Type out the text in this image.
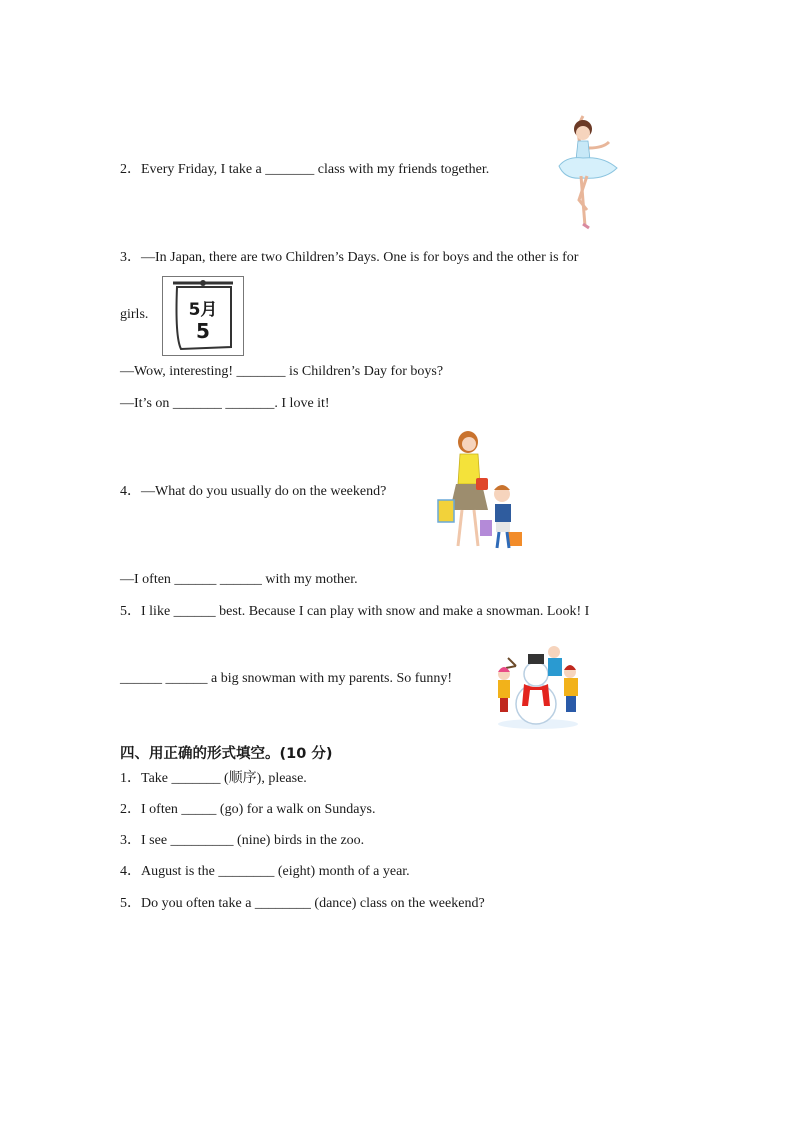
2．Every Friday, I take a _______ class with my friends together.
3．—In Japan, there are two Children’s Days. One is for boys and the other is for
girls.	5月
5
—Wow, interesting! _______ is Children’s Day for boys?
—It’s on _______ _______. I love it!
4．—What do you usually do on the weekend?
—I often ______ ______ with my mother.
5．I like ______ best. Because I can play with snow and make a snowman. Look! I
______ ______ a big snowman with my parents. So funny!
四、用正确的形式填空。(10 分)
1．Take _______ (顺序), please.
2．I often _____ (go) for a walk on Sundays.
3．I see _________ (nine) birds in the zoo.
4．August is the ________ (eight) month of a year.
5．Do you often take a ________ (dance) class on the weekend?
